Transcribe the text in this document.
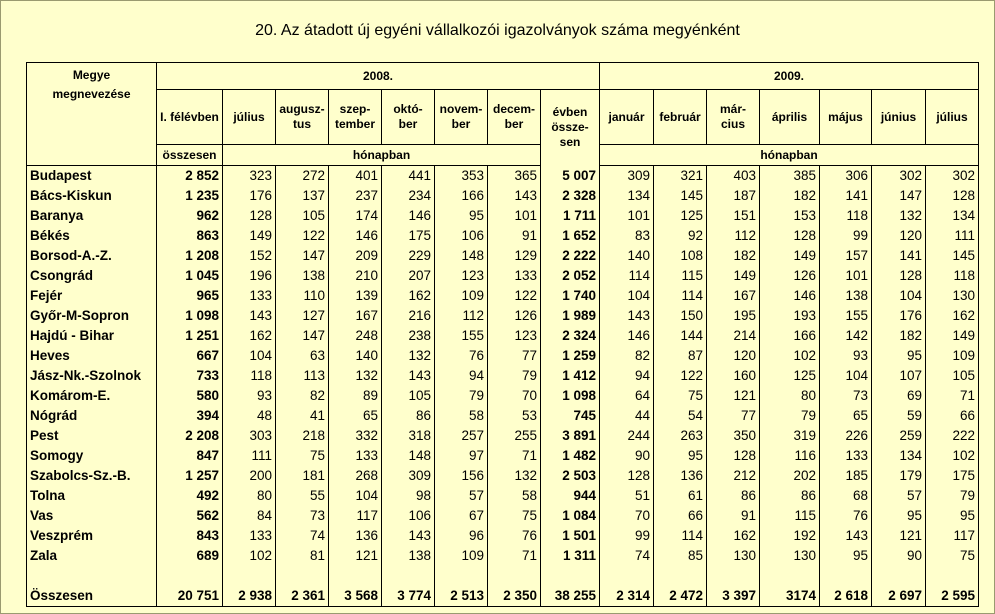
20. Az átadott új egyéni vállalkozói igazolványok száma megyénként
Megye
megnevezése	2008.								2009.						
	I. félévben	július	augusz- tus	szep- tember	októ- ber	novem- ber	decem- ber	évben össze- sen	január	február	már- cius	április	május	június	július
	összesen	hónapban							hónapban						
Budapest	2 852	323	272	401	441	353	365	5 007	309	321	403	385	306	302	302
Bács-Kiskun	1 235	176	137	237	234	166	143	2 328	134	145	187	182	141	147	128
Baranya	962	128	105	174	146	95	101	1 711	101	125	151	153	118	132	134
Békés	863	149	122	146	175	106	91	1 652	83	92	112	128	99	120	111
Borsod-A.-Z.	1 208	152	147	209	229	148	129	2 222	140	108	182	149	157	141	145
Csongrád	1 045	196	138	210	207	123	133	2 052	114	115	149	126	101	128	118
Fejér	965	133	110	139	162	109	122	1 740	104	114	167	146	138	104	130
Győr-M-Sopron	1 098	143	127	167	216	112	126	1 989	143	150	195	193	155	176	162
Hajdú - Bihar	1 251	162	147	248	238	155	123	2 324	146	144	214	166	142	182	149
Heves	667	104	63	140	132	76	77	1 259	82	87	120	102	93	95	109
Jász-Nk.-Szolnok	733	118	113	132	143	94	79	1 412	94	122	160	125	104	107	105
Komárom-E.	580	93	82	89	105	79	70	1 098	64	75	121	80	73	69	71
Nógrád	394	48	41	65	86	58	53	745	44	54	77	79	65	59	66
Pest	2 208	303	218	332	318	257	255	3 891	244	263	350	319	226	259	222
Somogy	847	111	75	133	148	97	71	1 482	90	95	128	116	133	134	102
Szabolcs-Sz.-B.	1 257	200	181	268	309	156	132	2 503	128	136	212	202	185	179	175
Tolna	492	80	55	104	98	57	58	944	51	61	86	86	68	57	79
Vas	562	84	73	117	106	67	75	1 084	70	66	91	115	76	95	95
Veszprém	843	133	74	136	143	96	76	1 501	99	114	162	192	143	121	117
Zala	689	102	81	121	138	109	71	1 311	74	85	130	130	95	90	75

Összesen	20 751	2 938	2 361	3 568	3 774	2 513	2 350	38 255	2 314	2 472	3 397	3174	2 618	2 697	2 595
